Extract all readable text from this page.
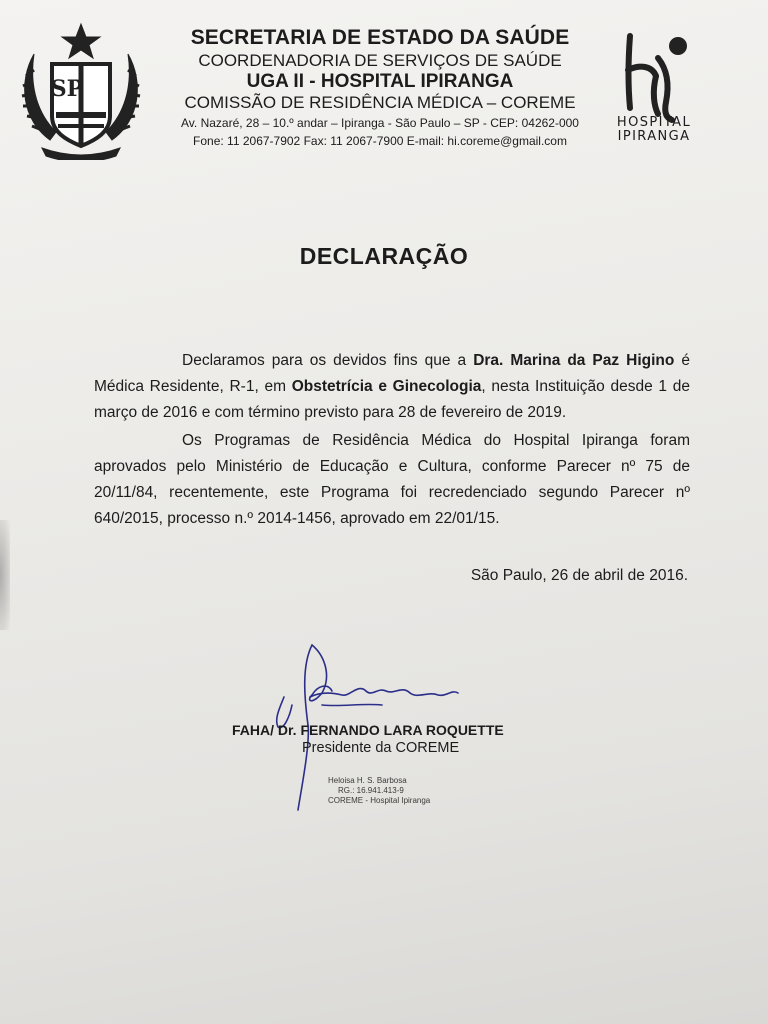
SP
SECRETARIA DE ESTADO DA SAÚDE
COORDENADORIA DE SERVIÇOS DE SAÚDE
UGA II - HOSPITAL IPIRANGA
COMISSÃO DE RESIDÊNCIA MÉDICA – COREME
Av. Nazaré, 28 – 10.º andar – Ipiranga - São Paulo – SP - CEP: 04262-000
Fone: 11 2067-7902 Fax: 11 2067-7900 E-mail: hi.coreme@gmail.com
HOSPITAL
IPIRANGA
DECLARAÇÃO

Declaramos para os devidos fins que a Dra. Marina da Paz Higino é Médica Residente, R-1, em Obstetrícia e Ginecologia, nesta Instituição desde 1 de março de 2016 e com término previsto para 28 de fevereiro de 2019.

Os Programas de Residência Médica do Hospital Ipiranga foram aprovados pelo Ministério de Educação e Cultura, conforme Parecer nº 75 de 20/11/84, recentemente, este Programa foi recredenciado segundo Parecer nº 640/2015, processo n.º 2014-1456, aprovado em 22/01/15.

São Paulo, 26 de abril de 2016.
FAHA/ Dr. FERNANDO LARA ROQUETTE
Presidente da COREME
Heloisa H. S. Barbosa
RG.: 16.941.413-9
COREME - Hospital Ipiranga
